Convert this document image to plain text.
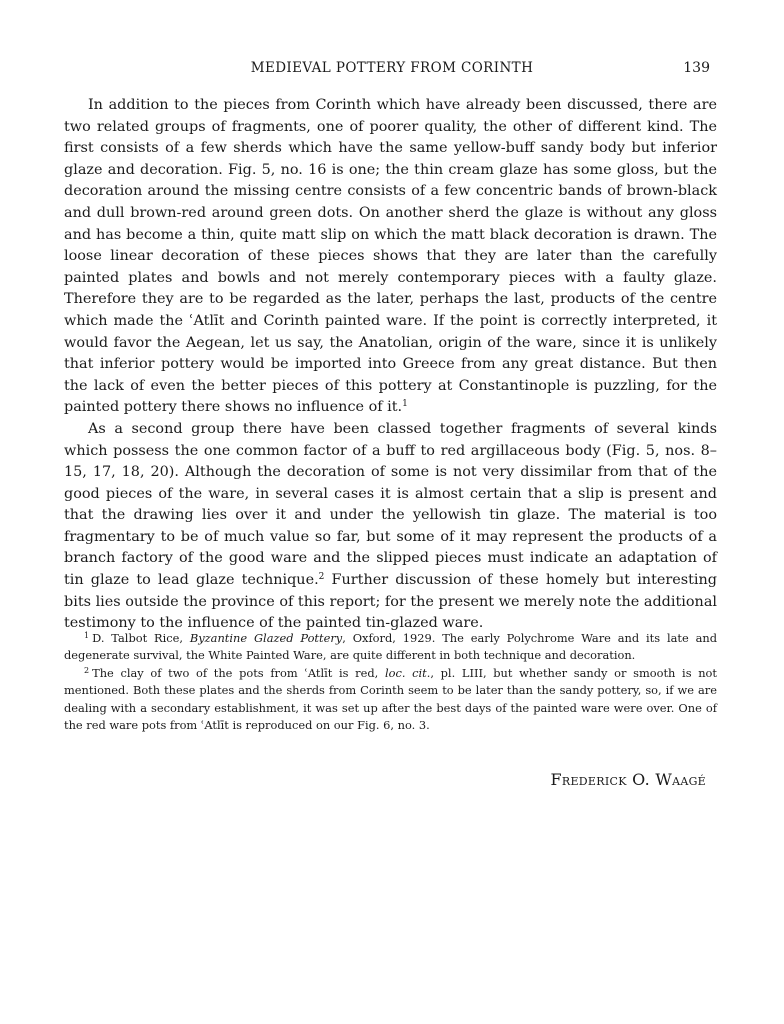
MEDIEVAL POTTERY FROM CORINTH	139

In addition to the pieces from Corinth which have already been discussed, there are two related groups of fragments, one of poorer quality, the other of different kind. The first consists of a few sherds which have the same yellow-buff sandy body but inferior glaze and decoration. Fig. 5, no. 16 is one; the thin cream glaze has some gloss, but the decoration around the missing centre consists of a few concentric bands of brown-black and dull brown-red around green dots. On another sherd the glaze is without any gloss and has become a thin, quite matt slip on which the matt black decoration is drawn. The loose linear decoration of these pieces shows that they are later than the carefully painted plates and bowls and not merely contemporary pieces with a faulty glaze. Therefore they are to be regarded as the later, perhaps the last, products of the centre which made the ʿAtlīt and Corinth painted ware. If the point is correctly interpreted, it would favor the Aegean, let us say, the Anatolian, origin of the ware, since it is unlikely that inferior pottery would be imported into Greece from any great distance. But then the lack of even the better pieces of this pottery at Constantinople is puzzling, for the painted pottery there shows no influence of it.$^1$

As a second group there have been classed together fragments of several kinds which possess the one common factor of a buff to red argillaceous body (Fig. 5, nos. 8–15, 17, 18, 20). Although the decoration of some is not very dissimilar from that of the good pieces of the ware, in several cases it is almost certain that a slip is present and that the drawing lies over it and under the yellowish tin glaze. The material is too fragmentary to be of much value so far, but some of it may represent the products of a branch factory of the good ware and the slipped pieces must indicate an adaptation of tin glaze to lead glaze technique.$^2$ Further discussion of these homely but interesting bits lies outside the province of this report; for the present we merely note the additional testimony to the influence of the painted tin-glazed ware.

$^1$ D. Talbot Rice, Byzantine Glazed Pottery, Oxford, 1929. The early Polychrome Ware and its late and degenerate survival, the White Painted Ware, are quite different in both technique and decoration.

$^2$ The clay of two of the pots from ʿAtlīt is red, loc. cit., pl. LIII, but whether sandy or smooth is not mentioned. Both these plates and the sherds from Corinth seem to be later than the sandy pottery, so, if we are dealing with a secondary establishment, it was set up after the best days of the painted ware were over. One of the red ware pots from ʿAtlīt is reproduced on our Fig. 6, no. 3.

Frederick O. Waagé
